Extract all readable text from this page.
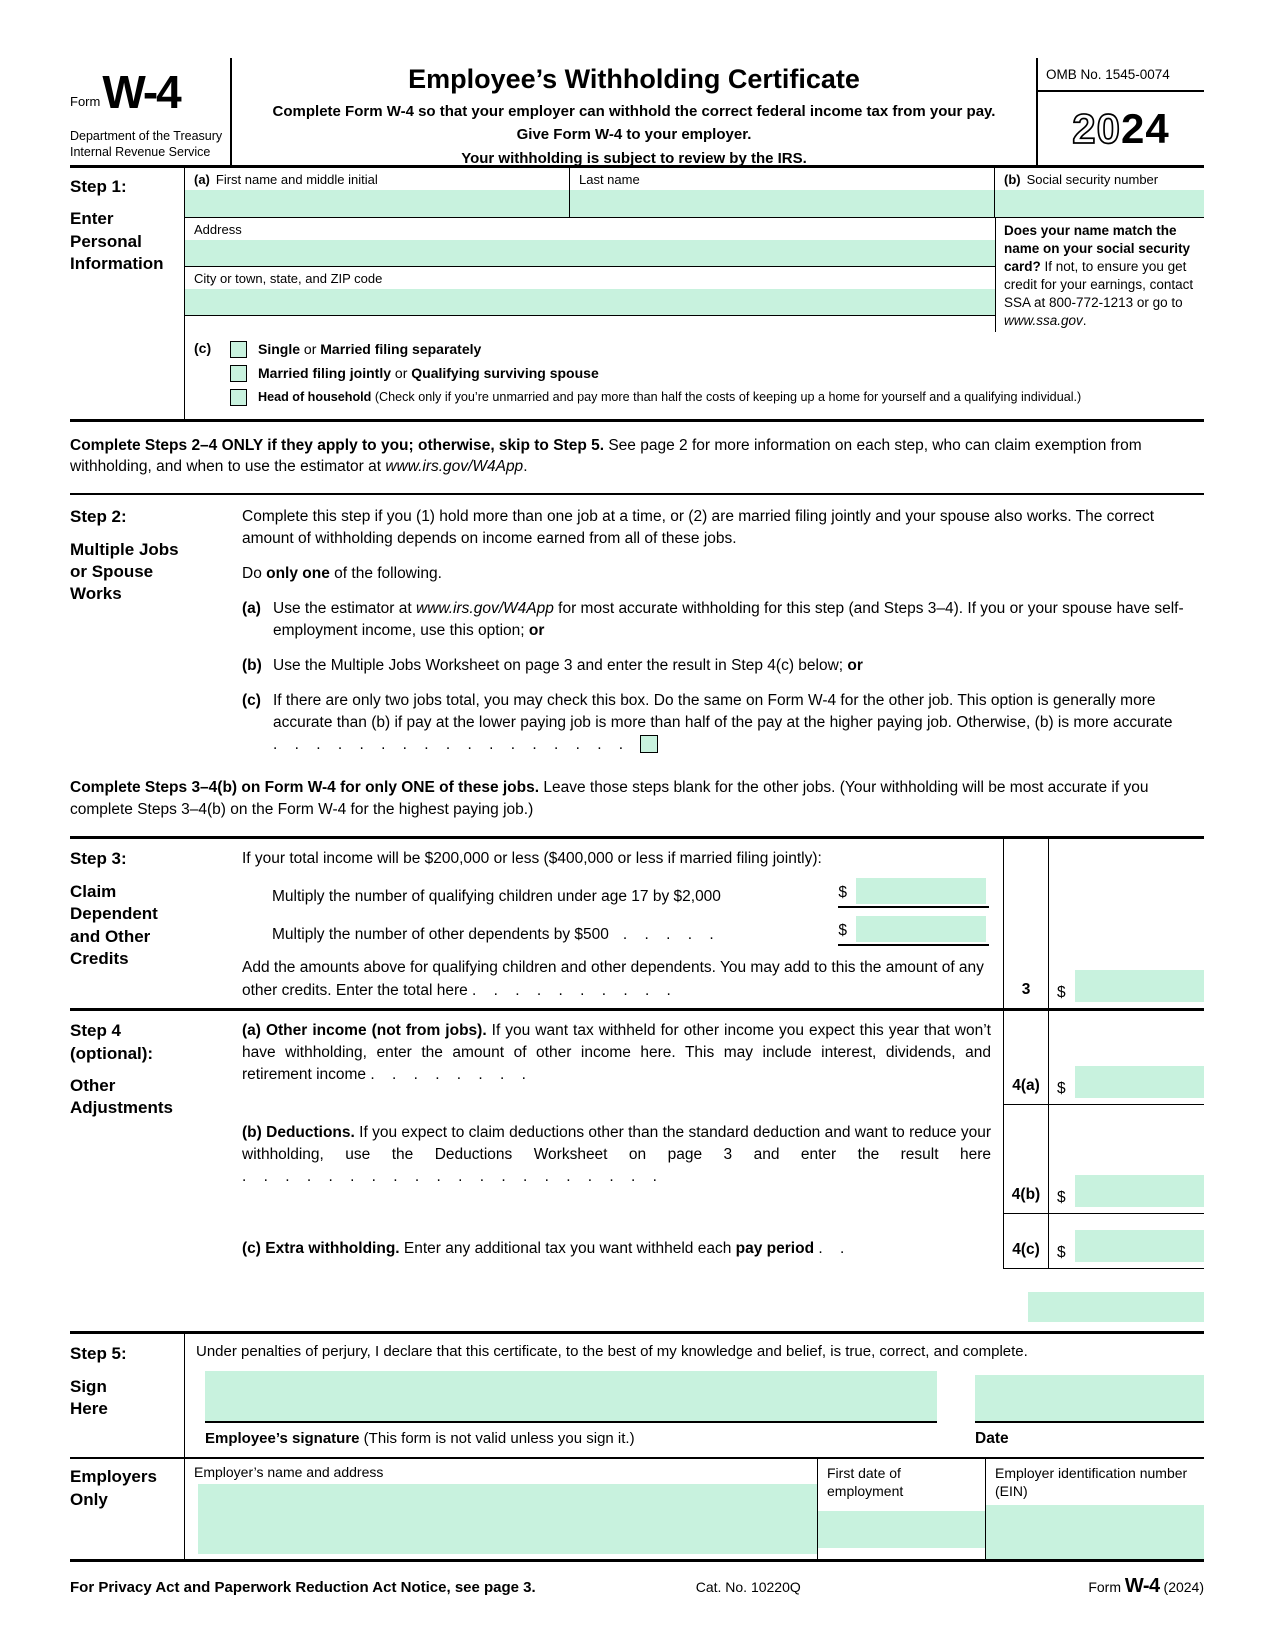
Form W-4
Department of the Treasury
Internal Revenue Service
Employee’s Withholding Certificate
Complete Form W-4 so that your employer can withhold the correct federal income tax from your pay.
Give Form W-4 to your employer.
Your withholding is subject to review by the IRS.
OMB No. 1545-0074
20 24
Step 1:
Enter
Personal
Information
(a) First name and middle initial	Last name	(b) Social security number
Address
City or town, state, and ZIP code
Does your name match the name on your social security card? If not, to ensure you get credit for your earnings, contact SSA at 800-772-1213 or go to www.ssa.gov.
(c)	Single or Married filing separately
Married filing jointly or Qualifying surviving spouse
Head of household (Check only if you’re unmarried and pay more than half the costs of keeping up a home for yourself and a qualifying individual.)
Complete Steps 2–4 ONLY if they apply to you; otherwise, skip to Step 5. See page 2 for more information on each step, who can claim exemption from withholding, and when to use the estimator at www.irs.gov/W4App.
Step 2:
Multiple Jobs
or Spouse
Works
Complete this step if you (1) hold more than one job at a time, or (2) are married filing jointly and your spouse also works. The correct amount of withholding depends on income earned from all of these jobs.
Do only one of the following.
(a) Use the estimator at www.irs.gov/W4App for most accurate withholding for this step (and Steps 3–4). If you or your spouse have self-employment income, use this option; or
(b) Use the Multiple Jobs Worksheet on page 3 and enter the result in Step 4(c) below; or
(c) If there are only two jobs total, you may check this box. Do the same on Form W-4 for the other job. This option is generally more accurate than (b) if pay at the lower paying job is more than half of the pay at the higher paying job. Otherwise, (b) is more accurate . . . . . . . . . . . . . . . . .
Complete Steps 3–4(b) on Form W-4 for only ONE of these jobs. Leave those steps blank for the other jobs. (Your withholding will be most accurate if you complete Steps 3–4(b) on the Form W-4 for the highest paying job.)
Step 3:
Claim
Dependent
and Other
Credits
If your total income will be $200,000 or less ($400,000 or less if married filing jointly):
Multiply the number of qualifying children under age 17 by $2,000	$
Multiply the number of other dependents by $500 . . . . .	$
Add the amounts above for qualifying children and other dependents. You may add to this the amount of any other credits. Enter the total here . . . . . . . . . .	3	$
Step 4
(optional):
Other
Adjustments
(a) Other income (not from jobs). If you want tax withheld for other income you expect this year that won’t have withholding, enter the amount of other income here. This may include interest, dividends, and retirement income . . . . . . . .
4(a)	$
(b) Deductions. If you expect to claim deductions other than the standard deduction and want to reduce your withholding, use the Deductions Worksheet on page 3 and enter the result here . . . . . . . . . . . . . . . . . . . .
4(b)	$
(c) Extra withholding. Enter any additional tax you want withheld each pay period . .	4(c)	$
Step 5:
Sign
Here
Under penalties of perjury, I declare that this certificate, to the best of my knowledge and belief, is true, correct, and complete.
Employee’s signature (This form is not valid unless you sign it.)	Date
Employers
Only
Employer’s name and address	First date of employment
Employer identification number (EIN)
For Privacy Act and Paperwork Reduction Act Notice, see page 3.	Cat. No. 10220Q	Form W-4 (2024)
